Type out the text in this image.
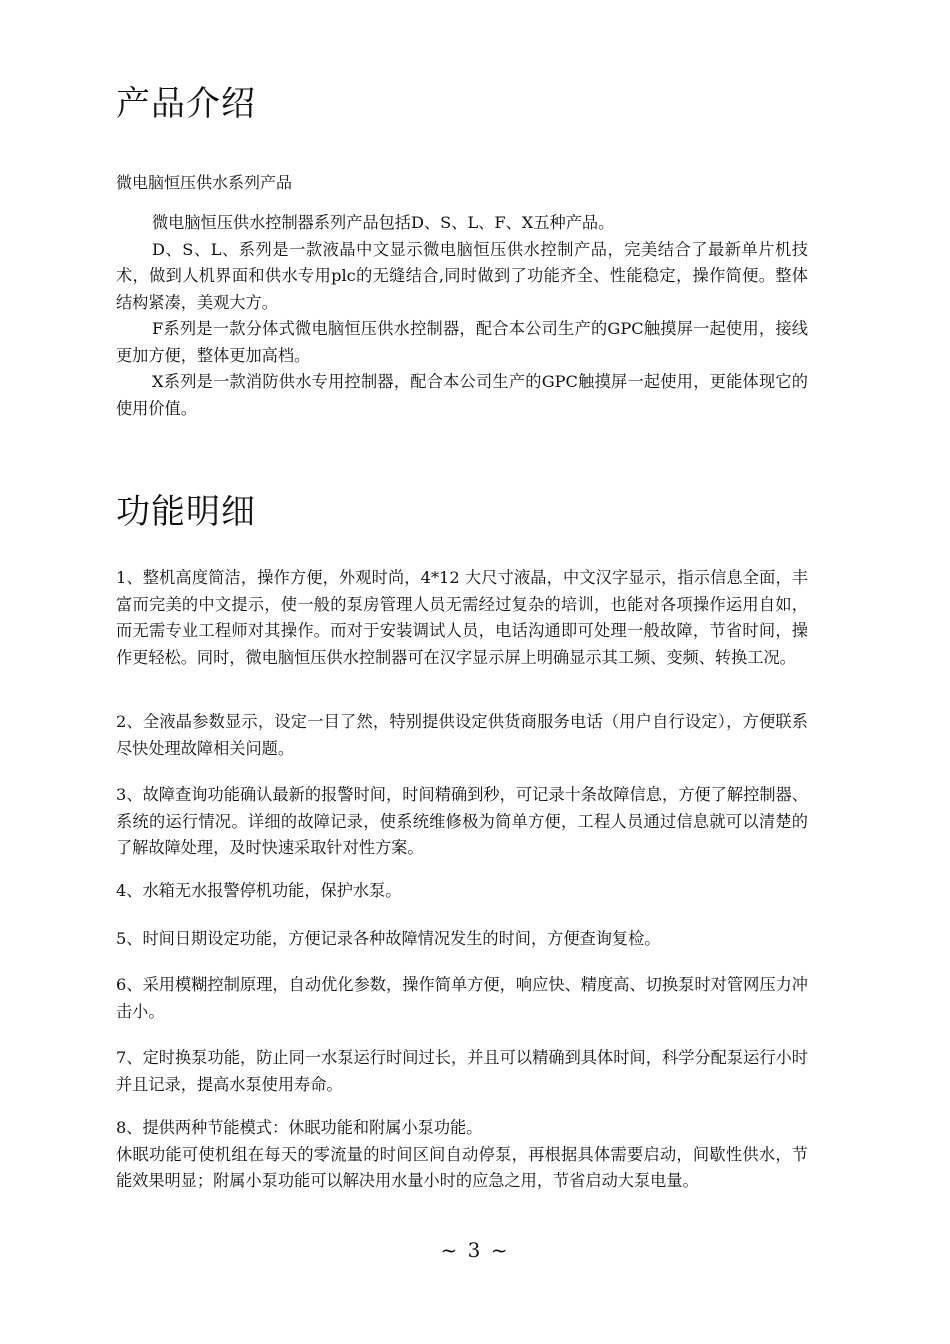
产品介绍

微电脑恒压供水系列产品

微电脑恒压供水控制器系列产品包括D、S、L、F、X五种产品。

D、S、L、系列是一款液晶中文显示微电脑恒压供水控制产品，完美结合了最新单片机技术，做到人机界面和供水专用plc的无缝结合,同时做到了功能齐全、性能稳定，操作简便。整体结构紧凑，美观大方。

F系列是一款分体式微电脑恒压供水控制器，配合本公司生产的GPC触摸屏一起使用，接线更加方便，整体更加高档。

X系列是一款消防供水专用控制器，配合本公司生产的GPC触摸屏一起使用，更能体现它的使用价值。

功能明细

1、整机高度简洁，操作方便，外观时尚，4*12 大尺寸液晶，中文汉字显示，指示信息全面，丰富而完美的中文提示，使一般的泵房管理人员无需经过复杂的培训，也能对各项操作运用自如，而无需专业工程师对其操作。而对于安装调试人员，电话沟通即可处理一般故障，节省时间，操作更轻松。同时，微电脑恒压供水控制器可在汉字显示屏上明确显示其工频、变频、转换工况。

2、全液晶参数显示，设定一目了然，特别提供设定供货商服务电话（用户自行设定），方便联系尽快处理故障相关问题。

3、故障查询功能确认最新的报警时间，时间精确到秒，可记录十条故障信息，方便了解控制器、系统的运行情况。详细的故障记录，使系统维修极为简单方便，工程人员通过信息就可以清楚的了解故障处理，及时快速采取针对性方案。

4、水箱无水报警停机功能，保护水泵。

5、时间日期设定功能，方便记录各种故障情况发生的时间，方便查询复检。

6、采用模糊控制原理，自动优化参数，操作简单方便，响应快、精度高、切换泵时对管网压力冲击小。

7、定时换泵功能，防止同一水泵运行时间过长，并且可以精确到具体时间，科学分配泵运行小时并且记录，提高水泵使用寿命。

8、提供两种节能模式：休眠功能和附属小泵功能。

休眠功能可使机组在每天的零流量的时间区间自动停泵，再根据具体需要启动，间歇性供水，节能效果明显；附属小泵功能可以解决用水量小时的应急之用，节省启动大泵电量。

~ 3 ~
